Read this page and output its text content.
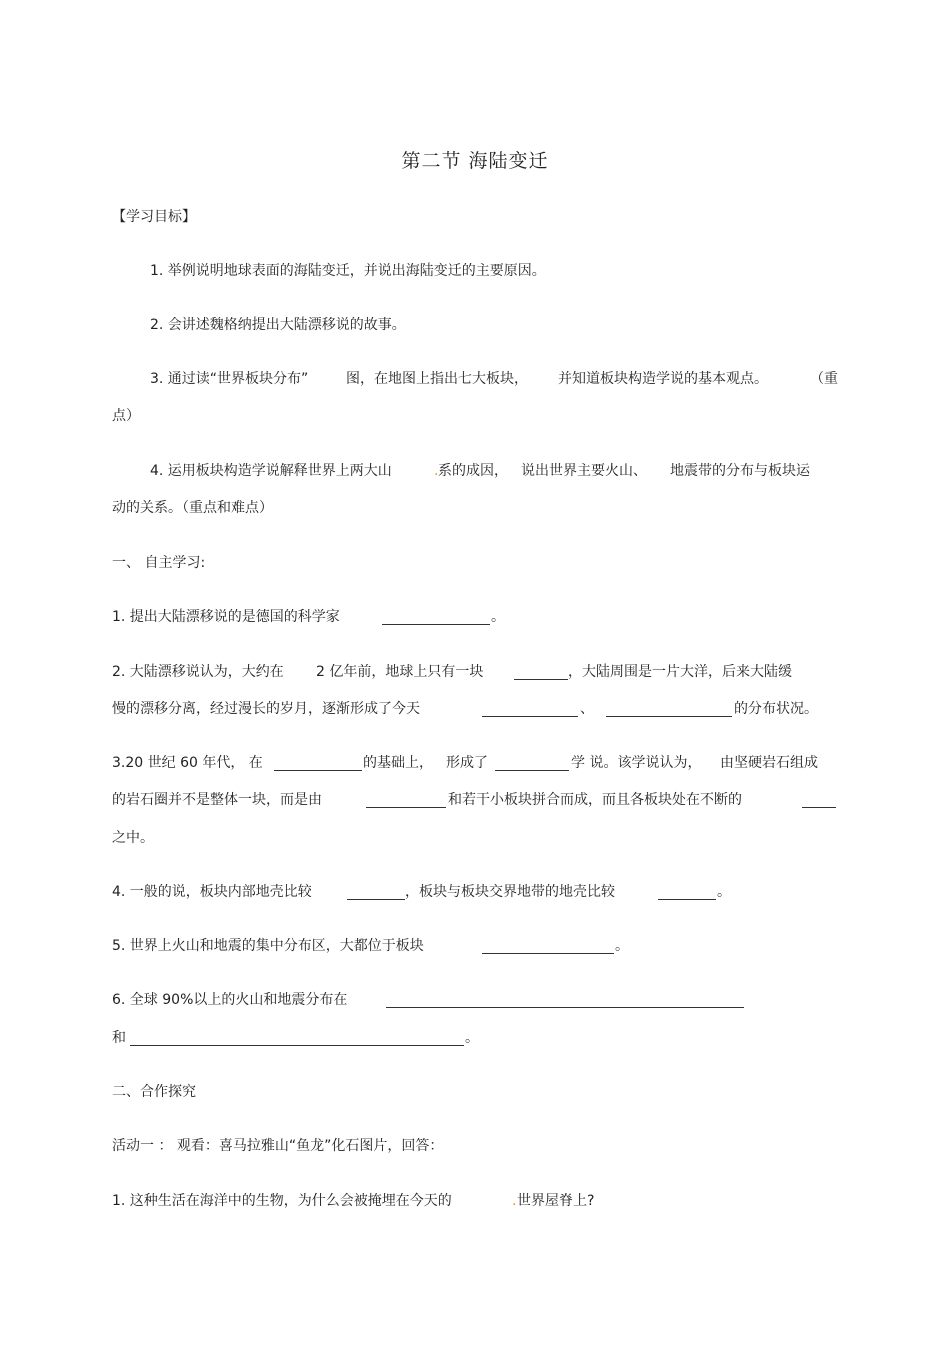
第二节 海陆变迁
【学习目标】
1. 举例说明地球表面的海陆变迁，并说出海陆变迁的主要原因。
2. 会讲述魏格纳提出大陆漂移说的故事。
3. 通过读“世界板块分布”	图，在地图上指出七大板块， 并知道板块构造学说的基本观点。	（重
点）
4. 运用板块构造学说解释世界上两大山	. 系的成因， 说出世界主要火山、 地震带的分布与板块运
动的关系。（重点和难点）
一、 自主学习:
1. 提出大陆漂移说的是德国的科学家	。
2. 大陆漂移说认为，大约在 2 亿年前，地球上只有一块	，大陆周围是一片大洋，后来大陆缓
慢的漂移分离，经过漫长的岁月，逐渐形成了今天	、	的分布状况。
3.20 世纪 60 年代， 在	的基础上， 形成了	学 说。该学说认为， 由坚硬岩石组成
的岩石圈并不是整体一块，而是由	和若干小板块拼合而成，而且各板块处在不断的
之中。
4. 一般的说，板块内部地壳比较	，板块与板块交界地带的地壳比较	。
5. 世界上火山和地震的集中分布区，大都位于板块	。
6. 全球 90%以上的火山和地震分布在
和	。
二、合作探究
活动一 ： 观看：喜马拉雅山“鱼龙”化石图片，回答：
1. 这种生活在海洋中的生物，为什么会被掩埋在今天的	. 世界屋脊上?
